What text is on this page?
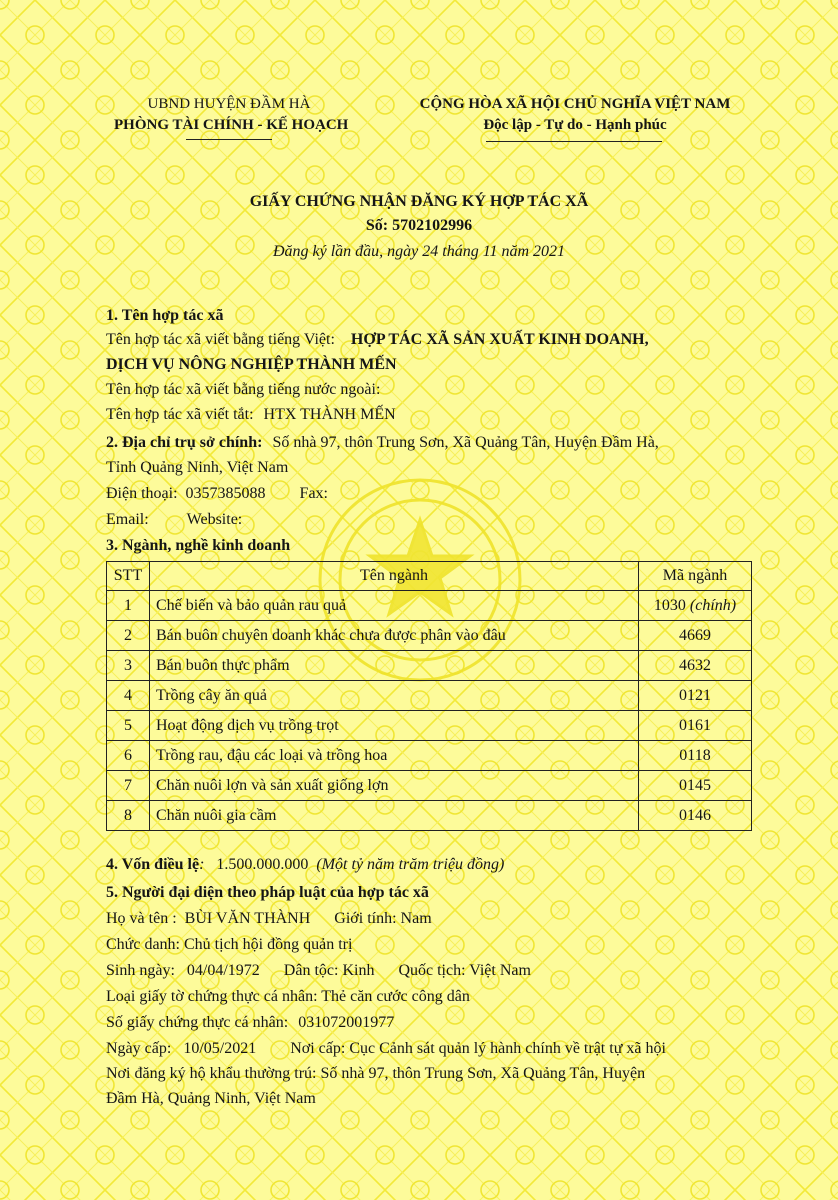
UBND HUYỆN ĐẦM HÀ
PHÒNG TÀI CHÍNH - KẾ HOẠCH
CỘNG HÒA XÃ HỘI CHỦ NGHĨA VIỆT NAM
Độc lập - Tự do - Hạnh phúc
GIẤY CHỨNG NHẬN ĐĂNG KÝ HỢP TÁC XÃ
Số: 5702102996
Đăng ký lần đầu, ngày 24 tháng 11 năm 2021
1. Tên hợp tác xã
Tên hợp tác xã viết bằng tiếng Việt: HỢP TÁC XÃ SẢN XUẤT KINH DOANH,
DỊCH VỤ NÔNG NGHIỆP THÀNH MẾN
Tên hợp tác xã viết bằng tiếng nước ngoài:
Tên hợp tác xã viết tắt: HTX THÀNH MẾN
2. Địa chỉ trụ sở chính: Số nhà 97, thôn Trung Sơn, Xã Quảng Tân, Huyện Đầm Hà,
Tỉnh Quảng Ninh, Việt Nam
Điện thoại: 0357385088 Fax:
Email: Website:
3. Ngành, nghề kinh doanh
STT	Tên ngành	Mã ngành
1	Chế biến và bảo quản rau quả	1030 (chính)
2	Bán buôn chuyên doanh khác chưa được phân vào đâu	4669
3	Bán buôn thực phẩm	4632
4	Trồng cây ăn quả	0121
5	Hoạt động dịch vụ trồng trọt	0161
6	Trồng rau, đậu các loại và trồng hoa	0118
7	Chăn nuôi lợn và sản xuất giống lợn	0145
8	Chăn nuôi gia cầm	0146
4. Vốn điều lệ: 1.500.000.000 (Một tỷ năm trăm triệu đồng)
5. Người đại diện theo pháp luật của hợp tác xã
Họ và tên : BÙI VĂN THÀNH Giới tính: Nam
Chức danh: Chủ tịch hội đồng quản trị
Sinh ngày: 04/04/1972 Dân tộc: Kinh Quốc tịch: Việt Nam
Loại giấy tờ chứng thực cá nhân: Thẻ căn cước công dân
Số giấy chứng thực cá nhân: 031072001977
Ngày cấp: 10/05/2021 Nơi cấp: Cục Cảnh sát quản lý hành chính về trật tự xã hội
Nơi đăng ký hộ khẩu thường trú: Số nhà 97, thôn Trung Sơn, Xã Quảng Tân, Huyện
Đầm Hà, Quảng Ninh, Việt Nam
